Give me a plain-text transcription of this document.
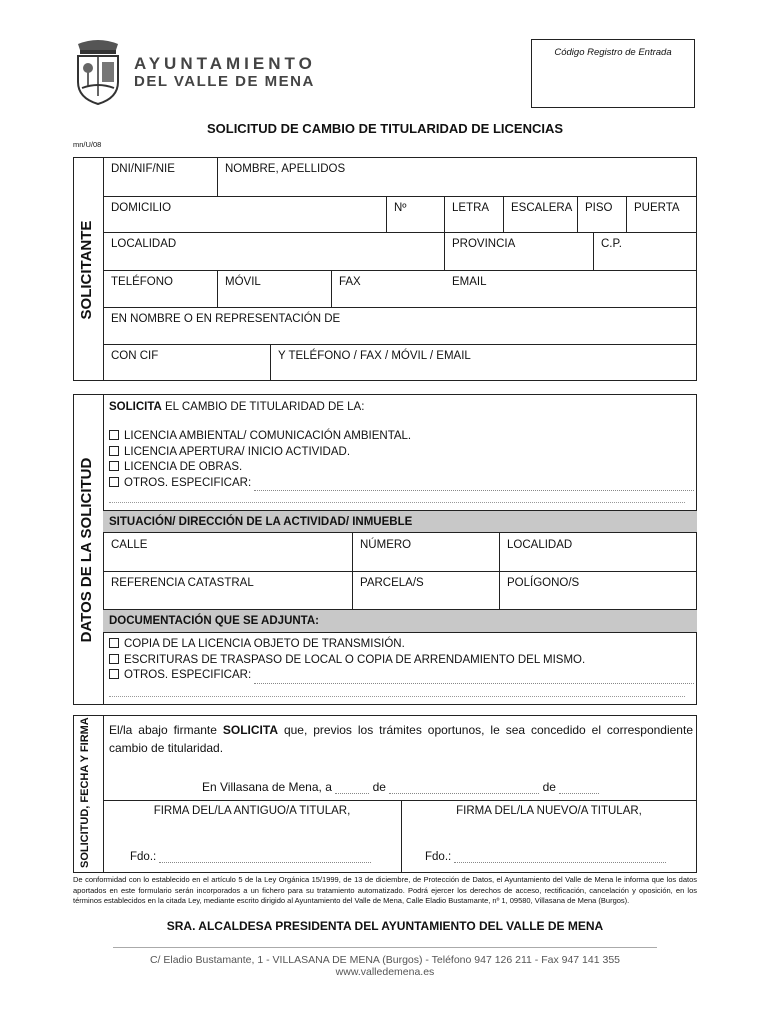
AYUNTAMIENTO
DEL VALLE DE MENA
Código Registro de Entrada
SOLICITUD DE CAMBIO DE TITULARIDAD DE LICENCIAS
mn/U/08
SOLICITANTE
DNI/NIF/NIE	NOMBRE, APELLIDOS
DOMICILIO	Nº	LETRA	ESCALERA	PISO	PUERTA
LOCALIDAD	PROVINCIA	C.P.
TELÉFONO	MÓVIL	FAX	EMAIL
EN NOMBRE O EN REPRESENTACIÓN DE
CON CIF	Y TELÉFONO / FAX / MÓVIL / EMAIL
DATOS DE LA SOLICITUD
SOLICITA EL CAMBIO DE TITULARIDAD DE LA:
LICENCIA AMBIENTAL/ COMUNICACIÓN AMBIENTAL.
LICENCIA APERTURA/ INICIO ACTIVIDAD.
LICENCIA DE OBRAS.
OTROS. ESPECIFICAR:
SITUACIÓN/ DIRECCIÓN DE LA ACTIVIDAD/ INMUEBLE
CALLE	NÚMERO	LOCALIDAD
REFERENCIA CATASTRAL	PARCELA/S	POLÍGONO/S
DOCUMENTACIÓN QUE SE ADJUNTA:
COPIA DE LA LICENCIA OBJETO DE TRANSMISIÓN.
ESCRITURAS DE TRASPASO DE LOCAL O COPIA DE ARRENDAMIENTO DEL MISMO.
OTROS. ESPECIFICAR:
SOLICITUD, FECHA Y FIRMA	El/la abajo firmante SOLICITA que, previos los trámites oportunos, le sea concedido el correspondiente cambio de titularidad.
En Villasana de Mena, a	de	de
FIRMA DEL/LA ANTIGUO/A TITULAR,	FIRMA DEL/LA NUEVO/A TITULAR,
Fdo.:	Fdo.:
De conformidad con lo establecido en el artículo 5 de la Ley Orgánica 15/1999, de 13 de diciembre, de Protección de Datos, el Ayuntamiento del Valle de Mena le informa que los datos aportados en este formulario serán incorporados a un fichero para su tratamiento automatizado. Podrá ejercer los derechos de acceso, rectificación, cancelación y oposición, en los términos establecidos en la citada Ley, mediante escrito dirigido al Ayuntamiento del Valle de Mena, Calle Eladio Bustamante, nº 1, 09580, Villasana de Mena (Burgos).
SRA. ALCALDESA PRESIDENTA DEL AYUNTAMIENTO DEL VALLE DE MENA
C/ Eladio Bustamante, 1 - VILLASANA DE MENA (Burgos) - Teléfono 947 126 211 - Fax 947 141 355
www.valledemena.es
